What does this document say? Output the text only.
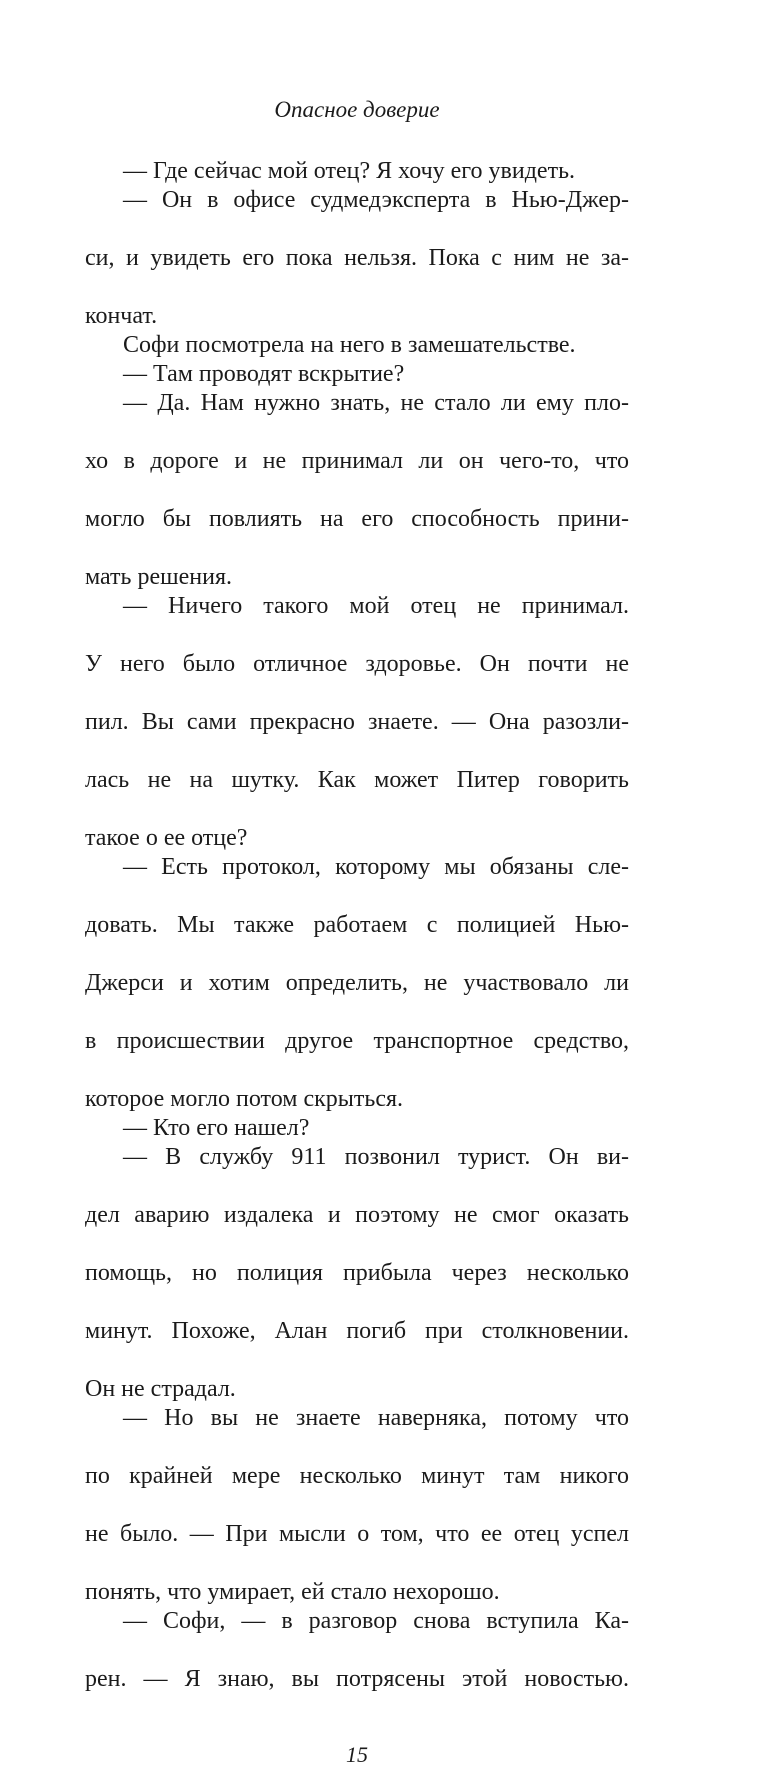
Опасное доверие
— Где сейчас мой отец? Я хочу его увидеть.
— Он в офисе судмедэксперта в Нью-Джер-
си, и увидеть его пока нельзя. Пока с ним не за-
кончат.
Софи посмотрела на него в замешательстве.
— Там проводят вскрытие?
— Да. Нам нужно знать, не стало ли ему пло-
хо в дороге и не принимал ли он чего-то, что
могло бы повлиять на его способность прини-
мать решения.
— Ничего такого мой отец не принимал.
У него было отличное здоровье. Он почти не
пил. Вы сами прекрасно знаете. — Она разозли-
лась не на шутку. Как может Питер говорить
такое о ее отце?
— Есть протокол, которому мы обязаны сле-
довать. Мы также работаем с полицией Нью-
Джерси и хотим определить, не участвовало ли
в происшествии другое транспортное средство,
которое могло потом скрыться.
— Кто его нашел?
— В службу 911 позвонил турист. Он ви-
дел аварию издалека и поэтому не смог оказать
помощь, но полиция прибыла через несколько
минут. Похоже, Алан погиб при столкновении.
Он не страдал.
— Но вы не знаете наверняка, потому что
по крайней мере несколько минут там никого
не было. — При мысли о том, что ее отец успел
понять, что умирает, ей стало нехорошо.
— Софи, — в разговор снова вступила Ка-
рен. — Я знаю, вы потрясены этой новостью.
15
